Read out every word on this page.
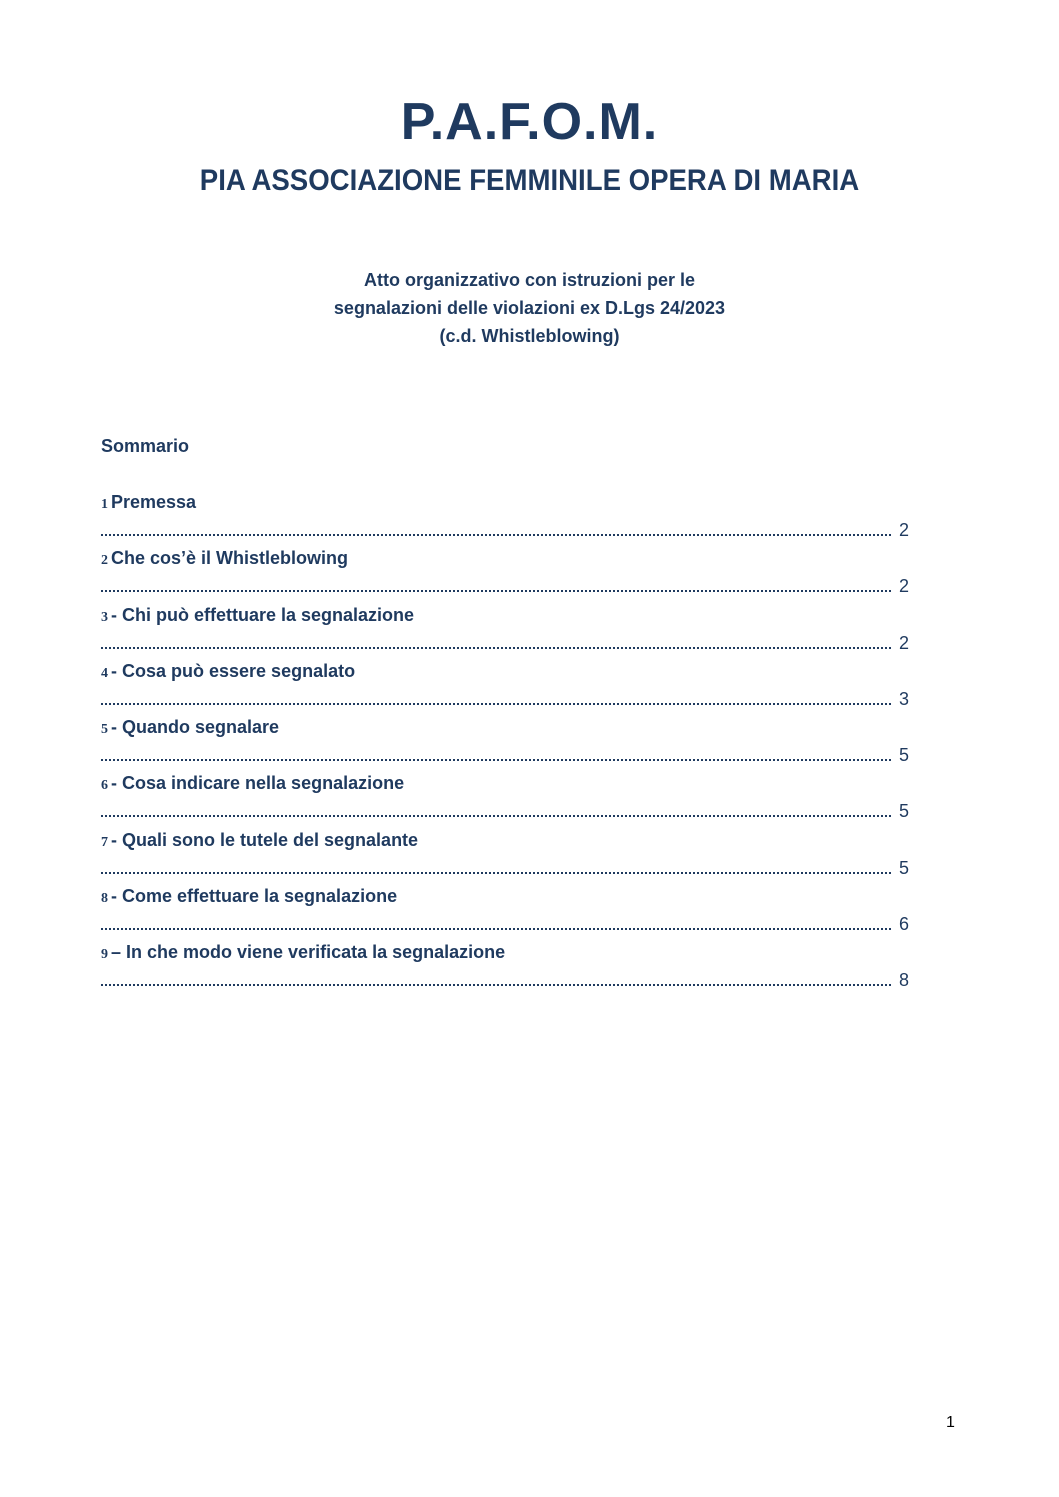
P.A.F.O.M.
PIA ASSOCIAZIONE FEMMINILE OPERA DI MARIA
Atto organizzativo con istruzioni per le
segnalazioni delle violazioni ex D.Lgs 24/2023
(c.d. Whistleblowing)
Sommario
1 Premessa
2
2 Che cos’è il Whistleblowing
2
3 - Chi può effettuare la segnalazione
2
4 - Cosa può essere segnalato
3
5 - Quando segnalare
5
6 - Cosa indicare nella segnalazione
5
7 - Quali sono le tutele del segnalante
5
8 - Come effettuare la segnalazione
6
9 – In che modo viene verificata la segnalazione
8
1
